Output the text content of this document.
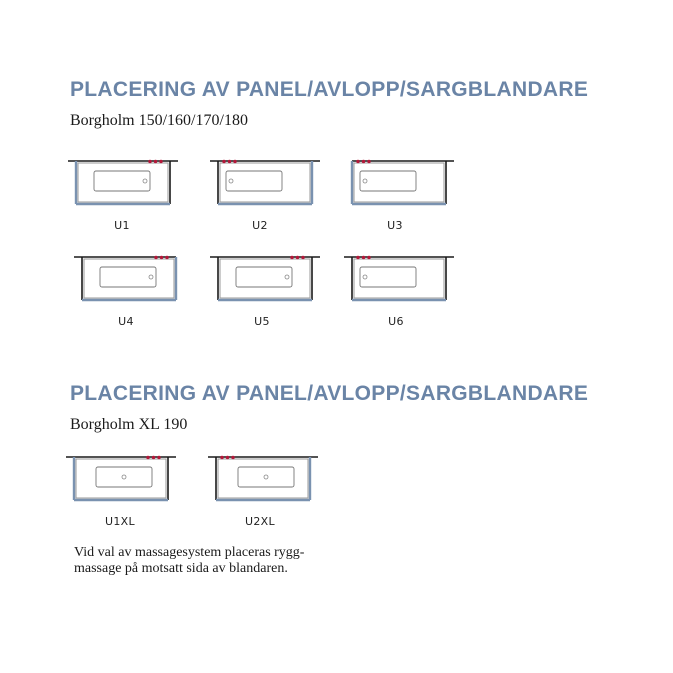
PLACERING AV PANEL/AVLOPP/SARGBLANDARE
Borgholm 150/160/170/180
U1	U2	U3
U4	U5	U6
PLACERING AV PANEL/AVLOPP/SARGBLANDARE
Borgholm XL 190
U1XL	U2XL
Vid val av massagesystem placeras rygg-
massage på motsatt sida av blandaren.
